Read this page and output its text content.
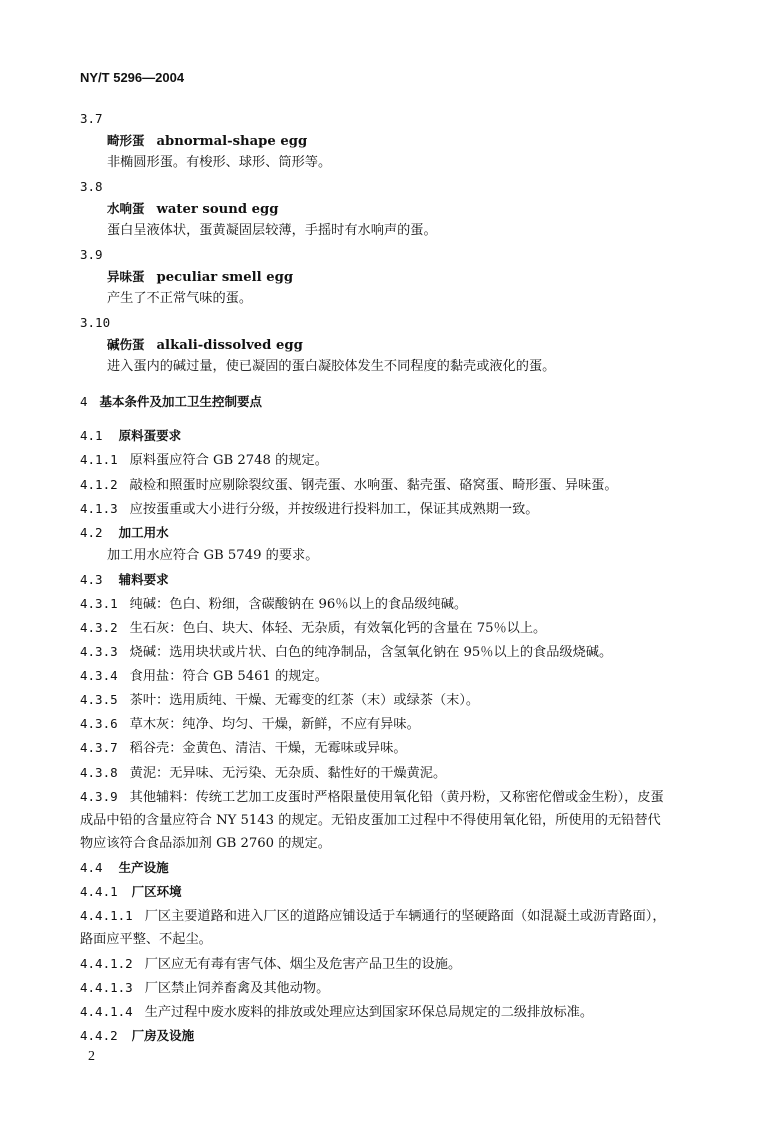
NY/T 5296—2004
3.7
畸形蛋 abnormal-shape egg
非椭圆形蛋。有梭形、球形、筒形等。
3.8
水响蛋 water sound egg
蛋白呈液体状，蛋黄凝固层较薄，手摇时有水响声的蛋。
3.9
异味蛋 peculiar smell egg
产生了不正常气味的蛋。
3.10
碱伤蛋 alkali-dissolved egg
进入蛋内的碱过量，使已凝固的蛋白凝胶体发生不同程度的黏壳或液化的蛋。
4 基本条件及加工卫生控制要点
4.1 原料蛋要求
4.1.1 原料蛋应符合 GB 2748 的规定。
4.1.2 敲检和照蛋时应剔除裂纹蛋、钢壳蛋、水响蛋、黏壳蛋、硌窝蛋、畸形蛋、异味蛋。
4.1.3 应按蛋重或大小进行分级，并按级进行投料加工，保证其成熟期一致。
4.2 加工用水
加工用水应符合 GB 5749 的要求。
4.3 辅料要求
4.3.1 纯碱：色白、粉细，含碳酸钠在 96％以上的食品级纯碱。
4.3.2 生石灰：色白、块大、体轻、无杂质，有效氧化钙的含量在 75％以上。
4.3.3 烧碱：选用块状或片状、白色的纯净制品，含氢氧化钠在 95％以上的食品级烧碱。
4.3.4 食用盐：符合 GB 5461 的规定。
4.3.5 茶叶：选用质纯、干燥、无霉变的红茶（末）或绿茶（末）。
4.3.6 草木灰：纯净、均匀、干燥，新鲜，不应有异味。
4.3.7 稻谷壳：金黄色、清洁、干燥，无霉味或异味。
4.3.8 黄泥：无异味、无污染、无杂质、黏性好的干燥黄泥。
4.3.9 其他辅料：传统工艺加工皮蛋时严格限量使用氧化铅（黄丹粉，又称密佗僧或金生粉），皮蛋
成品中铅的含量应符合 NY 5143 的规定。无铅皮蛋加工过程中不得使用氧化铅，所使用的无铅替代
物应该符合食品添加剂 GB 2760 的规定。
4.4 生产设施
4.4.1 厂区环境
4.4.1.1 厂区主要道路和进入厂区的道路应铺设适于车辆通行的坚硬路面（如混凝土或沥青路面），
路面应平整、不起尘。
4.4.1.2 厂区应无有毒有害气体、烟尘及危害产品卫生的设施。
4.4.1.3 厂区禁止饲养畜禽及其他动物。
4.4.1.4 生产过程中废水废料的排放或处理应达到国家环保总局规定的二级排放标准。
4.4.2 厂房及设施
2
